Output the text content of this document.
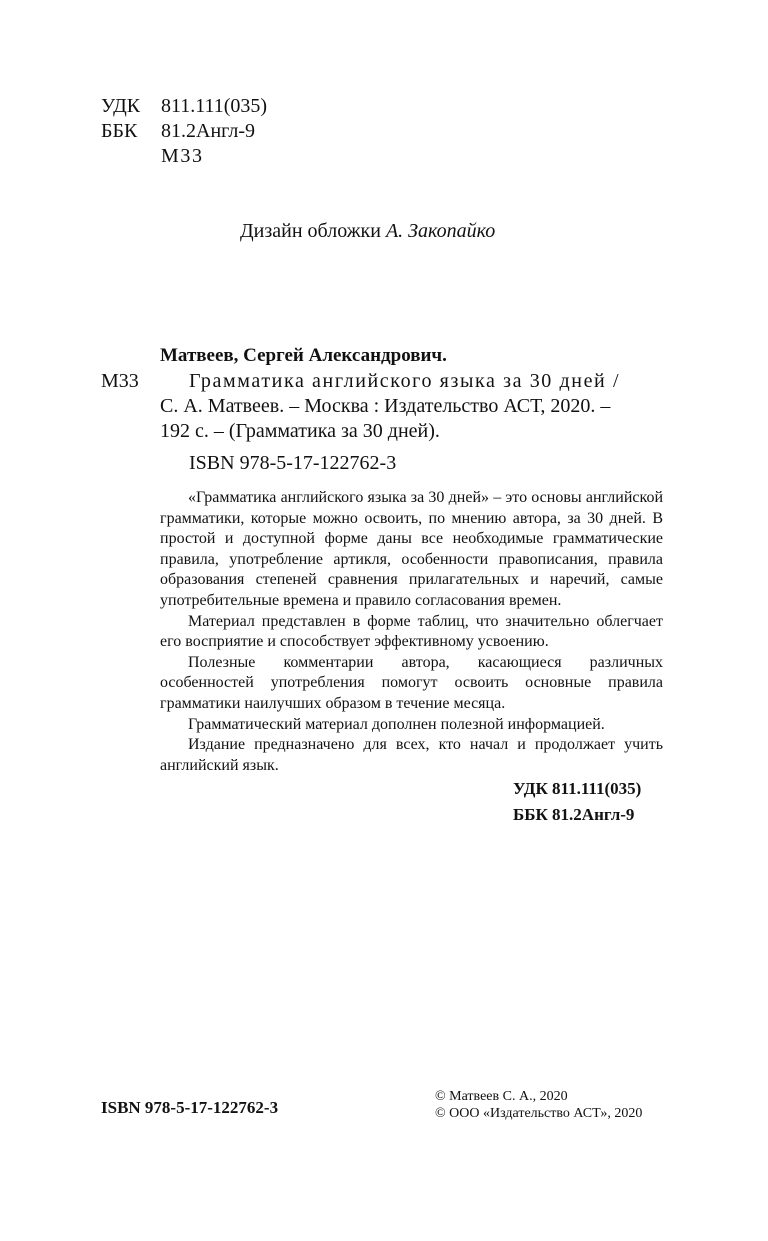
УДК 811.111(035)
ББК 81.2Англ-9
М33
Дизайн обложки А. Закопайко
Матвеев, Сергей Александрович.
М33	Грамматика английского языка за 30 дней /
С. А. Матвеев. – Москва : Издательство АСТ, 2020. –
192 с. – (Грамматика за 30 дней).
ISBN 978-5-17-122762-3

«Грамматика английского языка за 30 дней» – это основы английской грамматики, которые можно освоить, по мнению автора, за 30 дней. В простой и доступной форме даны все необходимые грамматические правила, употребление артикля, особенности правописания, правила образования степеней сравнения прилагательных и наречий, самые употребительные времена и правило согласования времен.

Материал представлен в форме таблиц, что значительно облегчает его восприятие и способствует эффективному усвоению.

Полезные комментарии автора, касающиеся различных особенностей употребления помогут освоить основные правила грамматики наилучших образом в течение месяца.

Грамматический материал дополнен полезной информацией.

Издание предназначено для всех, кто начал и продолжает учить английский язык.

УДК 811.111(035)
ББК 81.2Англ-9
ISBN 978-5-17-122762-3
© Матвеев С. А., 2020
© ООО «Издательство АСТ», 2020
